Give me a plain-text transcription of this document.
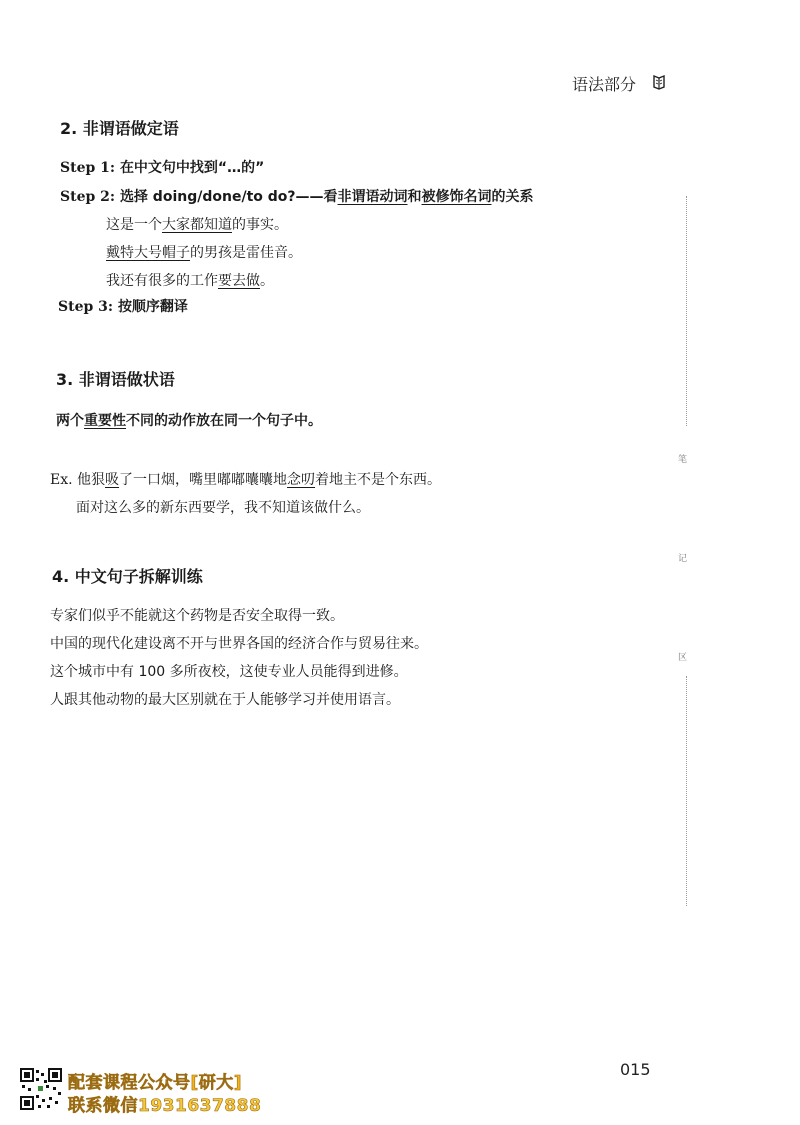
语法部分
2. 非谓语做定语
Step 1: 在中文句中找到“…的”
Step 2: 选择 doing/done/to do?——看非谓语动词和被修饰名词的关系
这是一个大家都知道的事实。
戴特大号帽子的男孩是雷佳音。
我还有很多的工作要去做。
Step 3: 按顺序翻译
3. 非谓语做状语
两个重要性不同的动作放在同一个句子中。
Ex. 他狠吸了一口烟，嘴里嘟嘟囔囔地念叨着地主不是个东西。
面对这么多的新东西要学，我不知道该做什么。
4. 中文句子拆解训练
专家们似乎不能就这个药物是否安全取得一致。
中国的现代化建设离不开与世界各国的经济合作与贸易往来。
这个城市中有 100 多所夜校，这使专业人员能得到进修。
人跟其他动物的最大区别就在于人能够学习并使用语言。
笔
记
区
015
配套课程公众号[研大]
联系微信1931637888
